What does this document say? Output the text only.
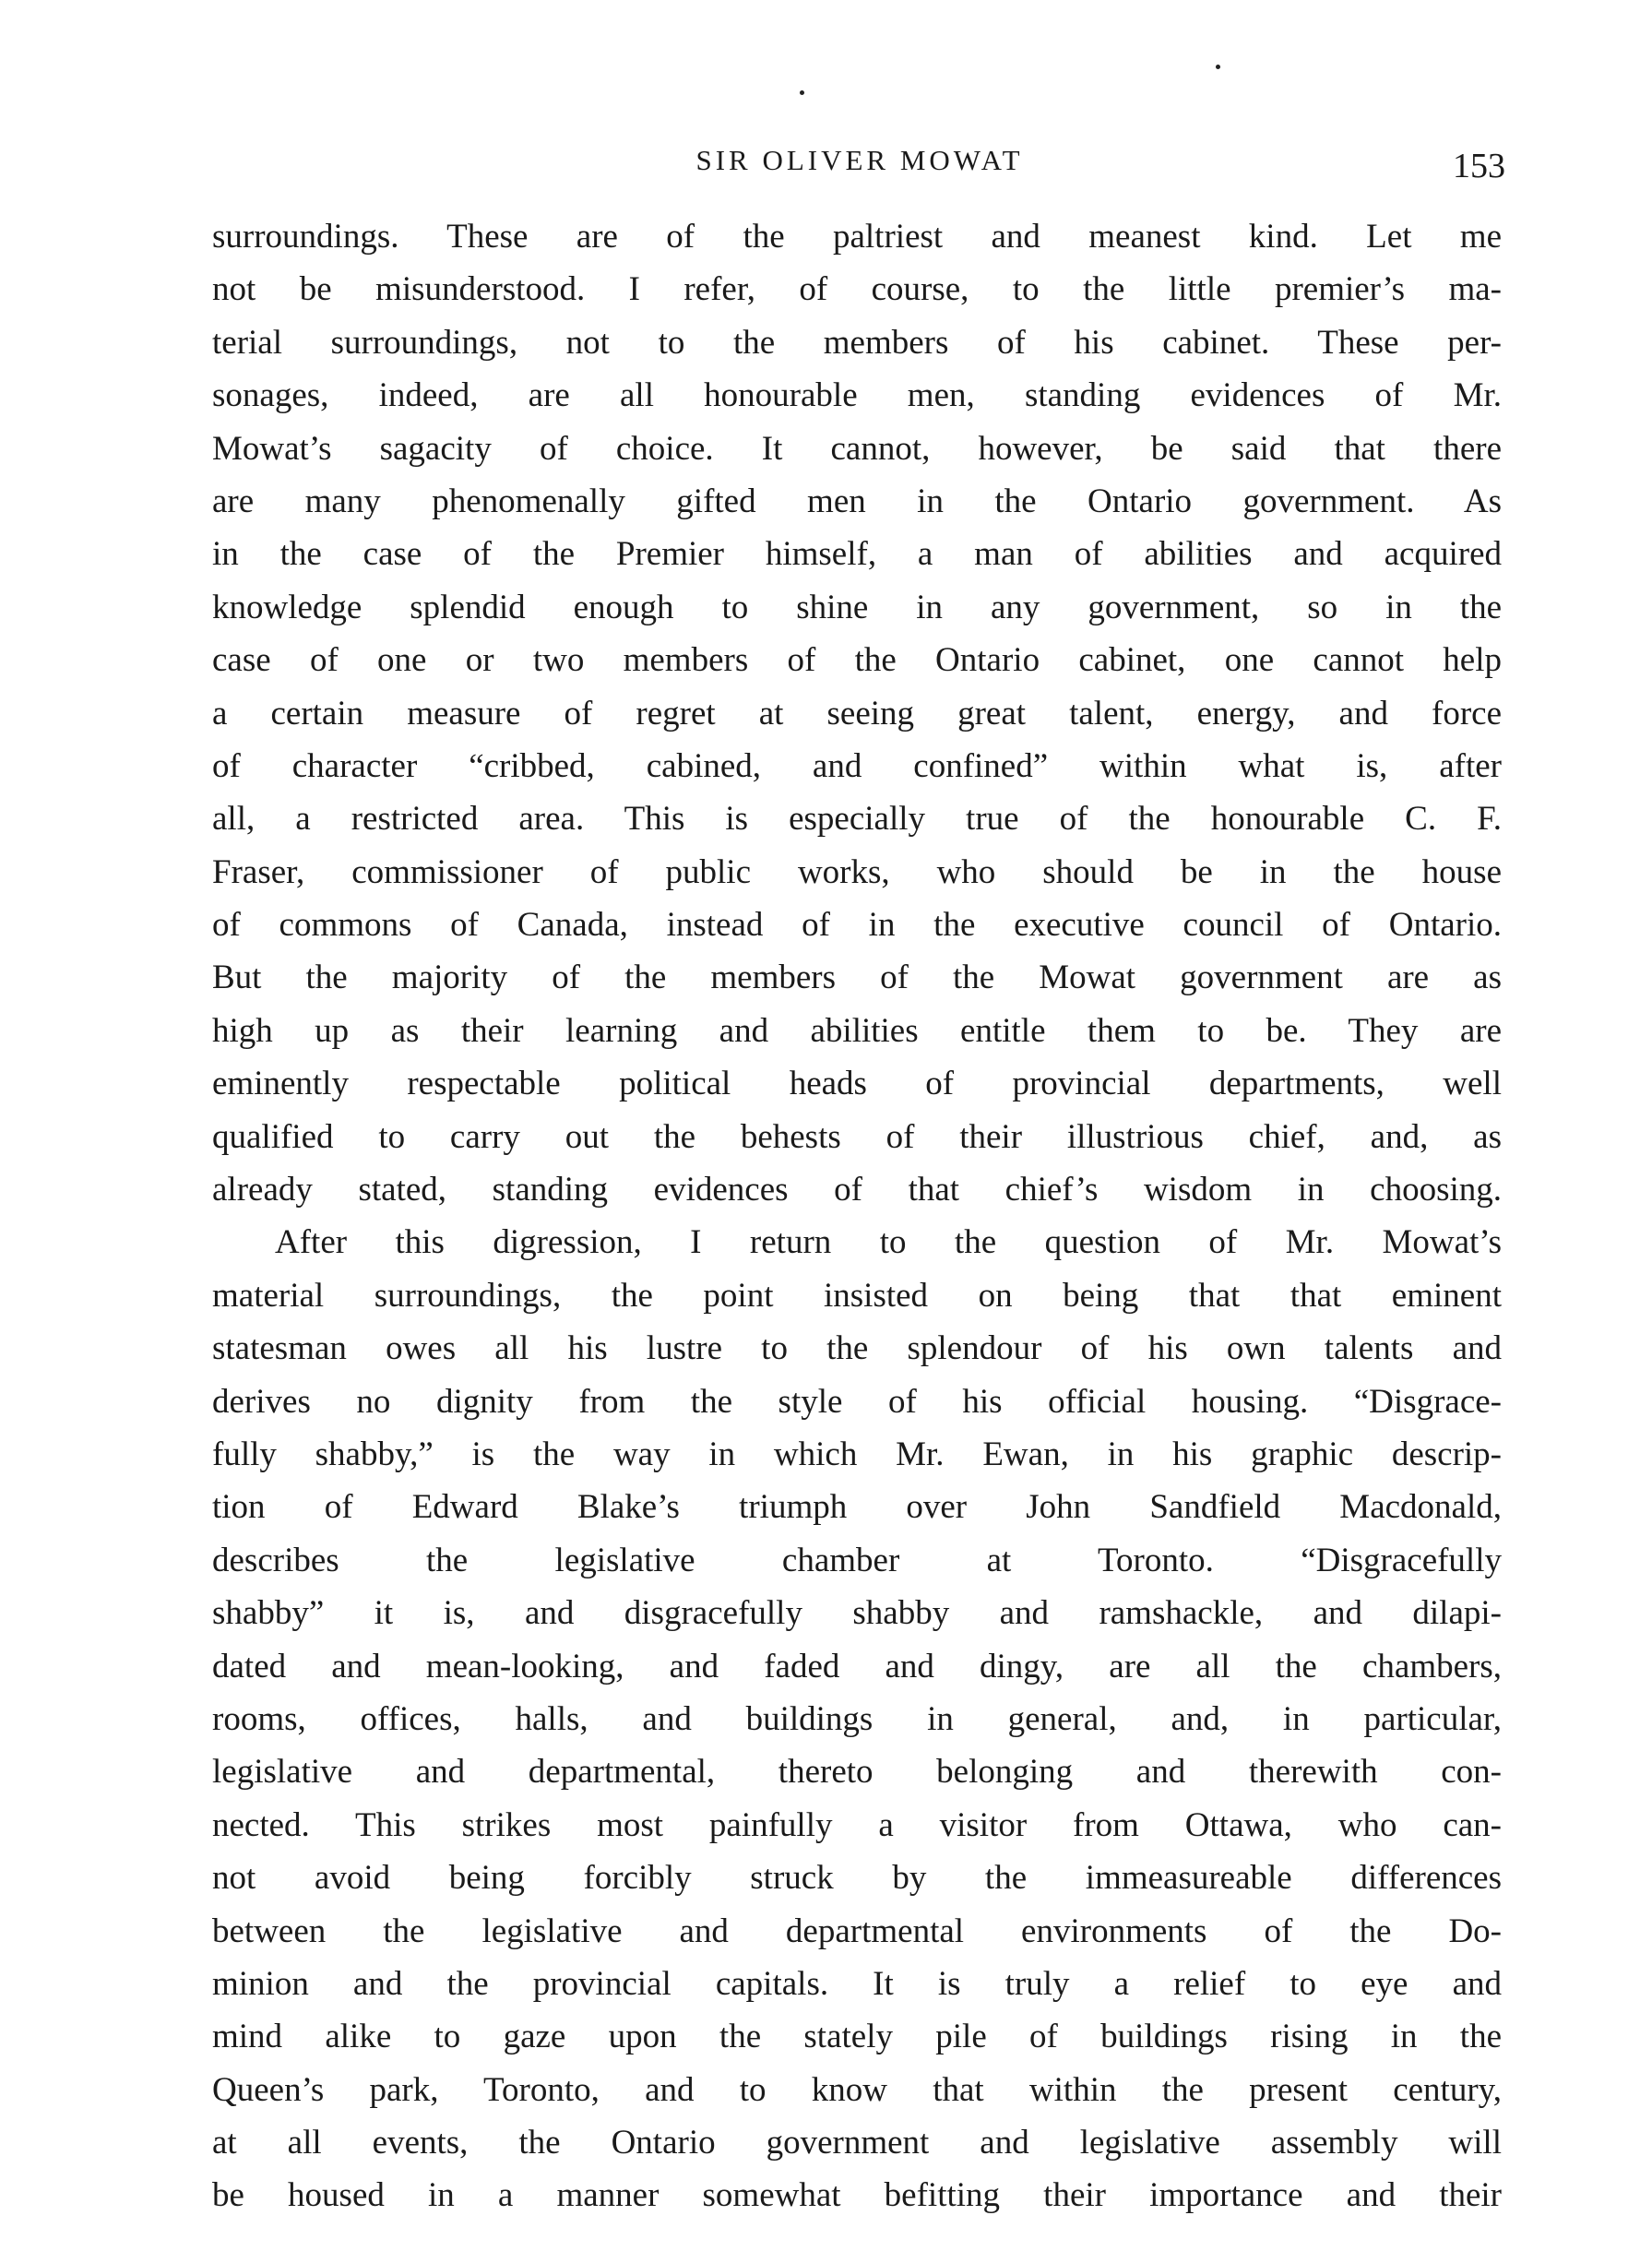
SIR OLIVER MOWAT	153
surroundings. These are of the paltriest and meanest kind. Let me
not be misunderstood. I refer, of course, to the little premier’s ma-
terial surroundings, not to the members of his cabinet. These per-
sonages, indeed, are all honourable men, standing evidences of Mr.
Mowat’s sagacity of choice. It cannot, however, be said that there
are many phenomenally gifted men in the Ontario government. As
in the case of the Premier himself, a man of abilities and acquired
knowledge splendid enough to shine in any government, so in the
case of one or two members of the Ontario cabinet, one cannot help
a certain measure of regret at seeing great talent, energy, and force
of character “cribbed, cabined, and confined” within what is, after
all, a restricted area. This is especially true of the honourable C. F.
Fraser, commissioner of public works, who should be in the house
of commons of Canada, instead of in the executive council of Ontario.
But the majority of the members of the Mowat government are as
high up as their learning and abilities entitle them to be. They are
eminently respectable political heads of provincial departments, well
qualified to carry out the behests of their illustrious chief, and, as
already stated, standing evidences of that chief’s wisdom in choosing.
After this digression, I return to the question of Mr. Mowat’s
material surroundings, the point insisted on being that that eminent
statesman owes all his lustre to the splendour of his own talents and
derives no dignity from the style of his official housing. “Disgrace-
fully shabby,” is the way in which Mr. Ewan, in his graphic descrip-
tion of Edward Blake’s triumph over John Sandfield Macdonald,
describes the legislative chamber at Toronto. “Disgracefully
shabby” it is, and disgracefully shabby and ramshackle, and dilapi-
dated and mean-looking, and faded and dingy, are all the chambers,
rooms, offices, halls, and buildings in general, and, in particular,
legislative and departmental, thereto belonging and therewith con-
nected. This strikes most painfully a visitor from Ottawa, who can-
not avoid being forcibly struck by the immeasureable differences
between the legislative and departmental environments of the Do-
minion and the provincial capitals. It is truly a relief to eye and
mind alike to gaze upon the stately pile of buildings rising in the
Queen’s park, Toronto, and to know that within the present century,
at all events, the Ontario government and legislative assembly will
be housed in a manner somewhat befitting their importance and their
